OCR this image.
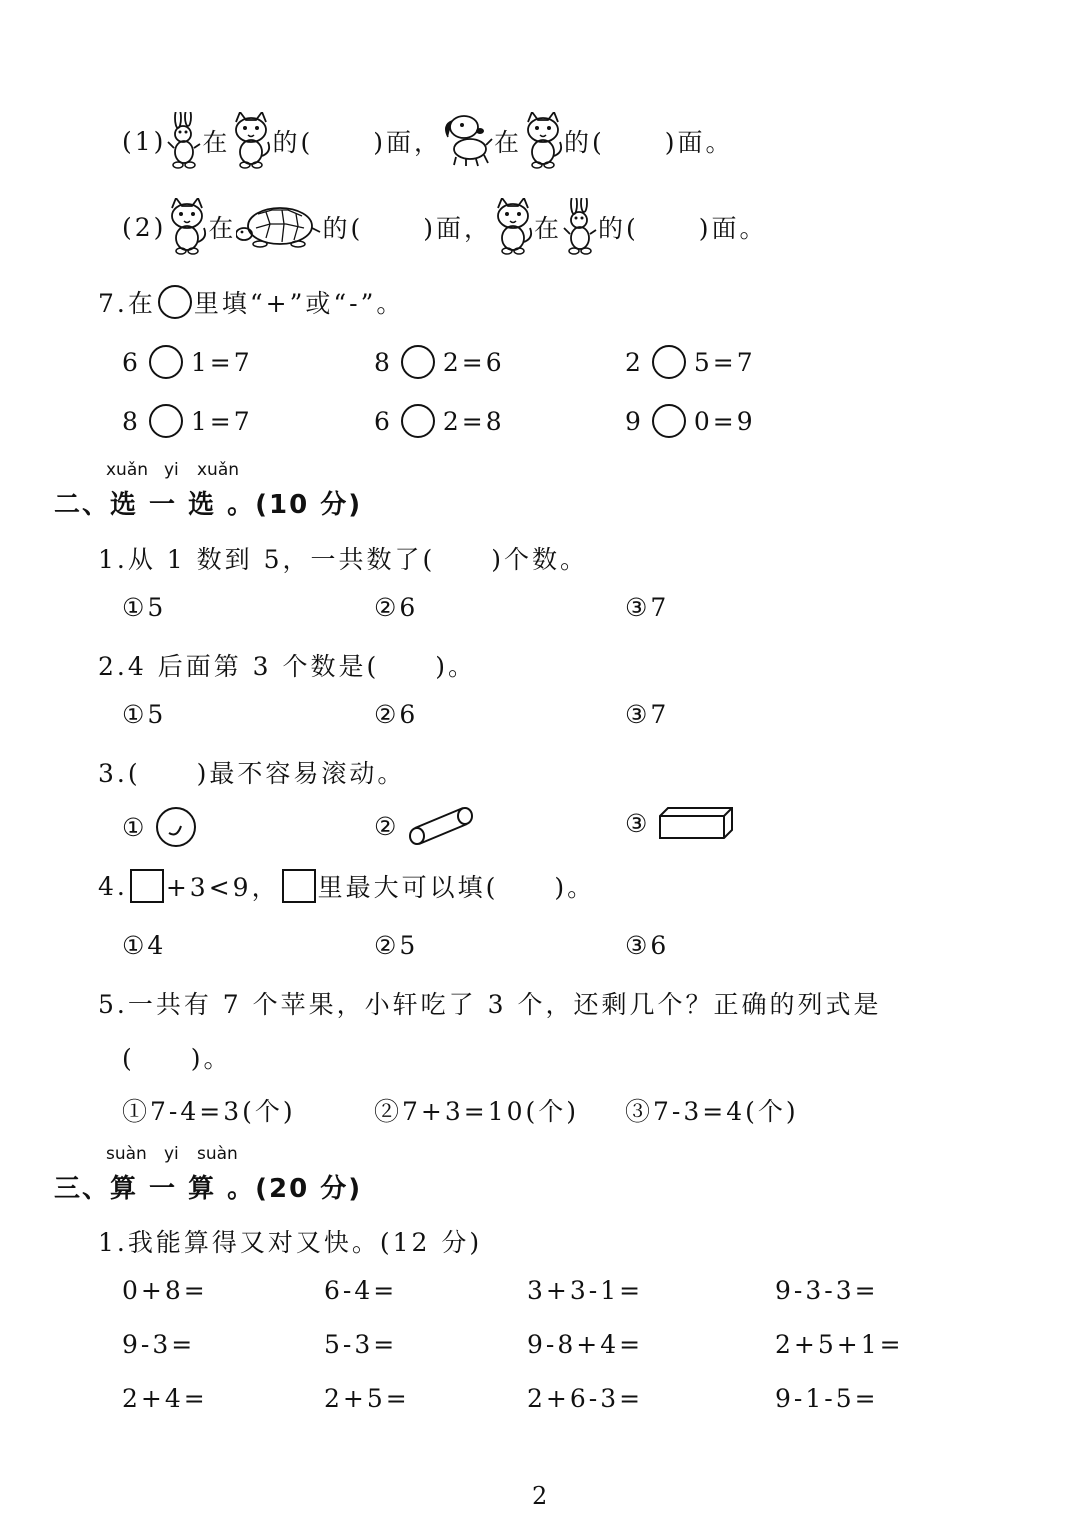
(1) 在 的( )面， 在 的( )面。
(2) 在	的( )面， 在 的( )面。
7.在 里填“+”或“-”。
6 1=7	8 2=6	2 5=7
8 1=7	6 2=8	9 0=9
xuǎn yi xuǎn
二、选 一 选 。(10 分)
1.从 1 数到 5，一共数了(　　)个数。
①5	②6	③7
2.4 后面第 3 个数是(　　)。
①5	②6	③7
3.(　　)最不容易滚动。
①	②	③
4. +3<9， 里最大可以填(　　)。
①4	②5	③6
5.一共有 7 个苹果，小轩吃了 3 个，还剩几个？正确的列式是
(　　)。
①7-4=3(个)	②7+3=10(个) ③7-3=4(个)
suàn yi suàn
三、算 一 算 。(20 分)
1.我能算得又对又快。(12 分)
0+8=	6-4=	3+3-1=	9-3-3=
9-3=	5-3=	9-8+4=	2+5+1=
2+4=	2+5=	2+6-3=	9-1-5=
2
